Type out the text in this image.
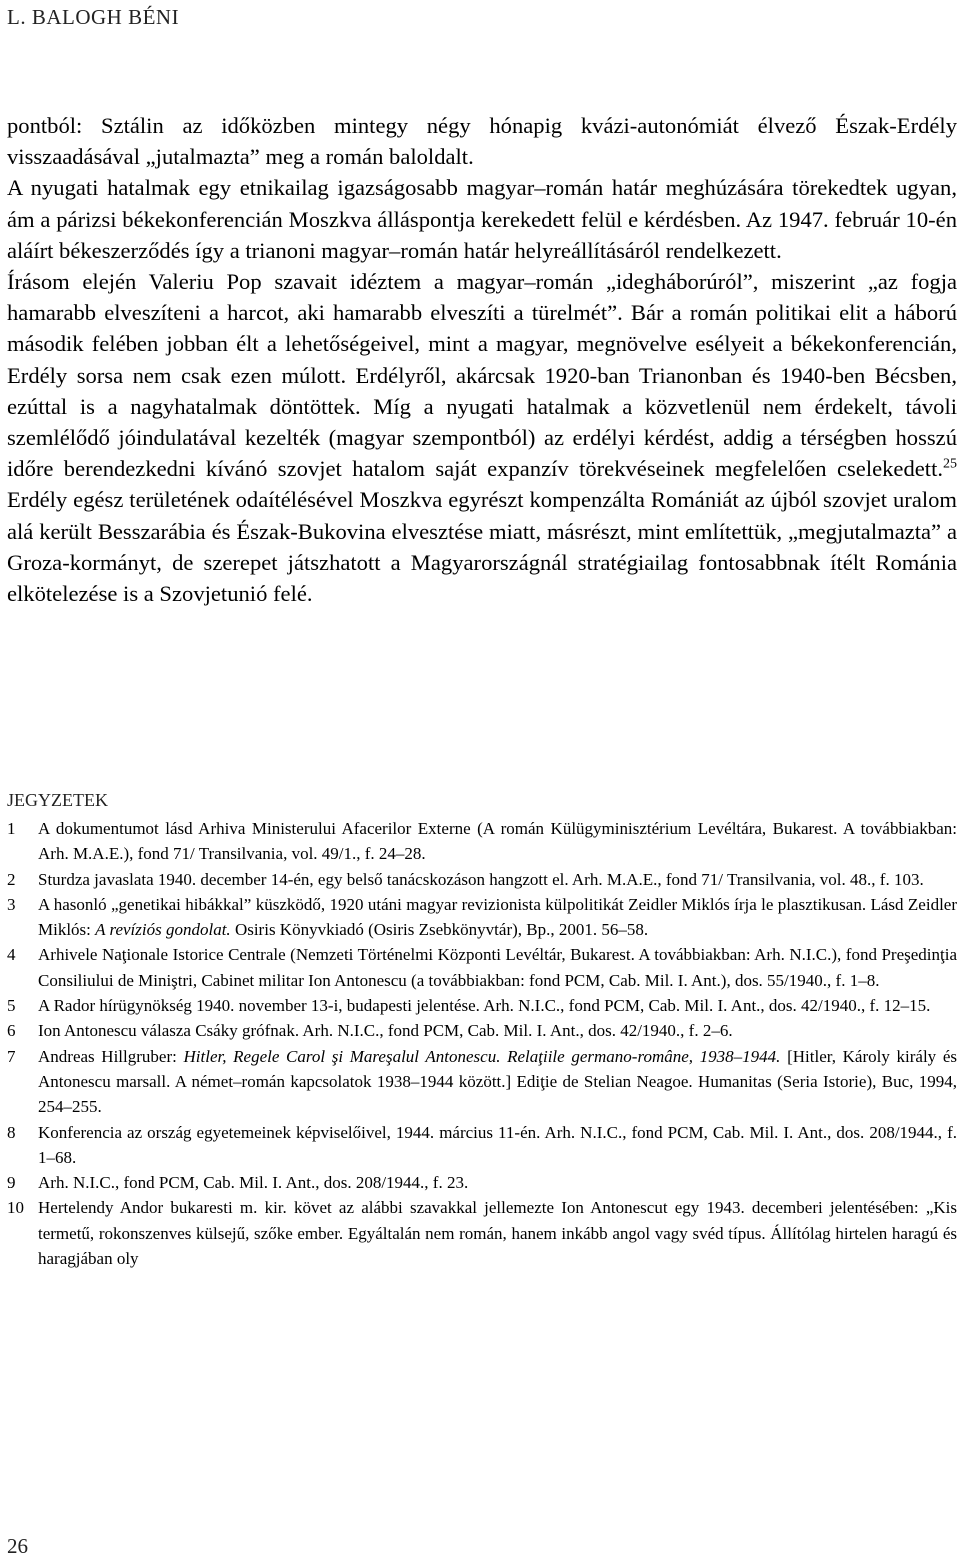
L. BALOGH BÉNI

pontból: Sztálin az időközben mintegy négy hónapig kvázi-autonómiát élvező Észak-Erdély visszaadásával „jutalmazta” meg a román baloldalt.

A nyugati hatalmak egy etnikailag igazságosabb magyar–román határ meghúzására törekedtek ugyan, ám a párizsi békekonferencián Moszkva álláspontja kerekedett felül e kérdésben. Az 1947. február 10-én aláírt békeszerződés így a trianoni magyar–román határ helyreállításáról rendelkezett.

Írásom elején Valeriu Pop szavait idéztem a magyar–román „idegháborúról”, miszerint „az fogja hamarabb elveszíteni a harcot, aki hamarabb elveszíti a türelmét”. Bár a román politikai elit a háború második felében jobban élt a lehetőségeivel, mint a magyar, megnövelve esélyeit a békekonferencián, Erdély sorsa nem csak ezen múlott. Erdélyről, akárcsak 1920-ban Trianonban és 1940-ben Bécsben, ezúttal is a nagyhatalmak döntöttek. Míg a nyugati hatalmak a közvetlenül nem érdekelt, távoli szemlélődő jóindulatával kezelték (magyar szempontból) az erdélyi kérdést, addig a térségben hosszú időre berendezkedni kívánó szovjet hatalom saját expanzív törekvéseinek megfelelően cselekedett.$^{25}$ Erdély egész területének odaítélésével Moszkva egyrészt kompenzálta Romániát az újból szovjet uralom alá került Besszarábia és Észak-Bukovina elvesztése miatt, másrészt, mint említettük, „megjutalmazta” a Groza-kormányt, de szerepet játszhatott a Magyarországnál stratégiailag fontosabbnak ítélt Románia elkötelezése is a Szovjetunió felé.

JEGYZETEK
1 A dokumentumot lásd Arhiva Ministerului Afacerilor Externe (A román Külügyminisztérium Levéltára, Bukarest. A továbbiakban: Arh. M.A.E.), fond 71/ Transilvania, vol. 49/1., f. 24–28.
2 Sturdza javaslata 1940. december 14-én, egy belső tanácskozáson hangzott el. Arh. M.A.E., fond 71/ Transilvania, vol. 48., f. 103.
3 A hasonló „genetikai hibákkal” küszködő, 1920 utáni magyar revizionista külpolitikát Zeidler Miklós írja le plasztikusan. Lásd Zeidler Miklós: A revíziós gondolat. Osiris Könyvkiadó (Osiris Zsebkönyvtár), Bp., 2001. 56–58.
4 Arhivele Naţionale Istorice Centrale (Nemzeti Történelmi Központi Levéltár, Bukarest. A továbbiakban: Arh. N.I.C.), fond Preşedinţia Consiliului de Miniştri, Cabinet militar Ion Antonescu (a továbbiakban: fond PCM, Cab. Mil. I. Ant.), dos. 55/1940., f. 1–8.
5 A Rador hírügynökség 1940. november 13-i, budapesti jelentése. Arh. N.I.C., fond PCM, Cab. Mil. I. Ant., dos. 42/1940., f. 12–15.
6 Ion Antonescu válasza Csáky grófnak. Arh. N.I.C., fond PCM, Cab. Mil. I. Ant., dos. 42/1940., f. 2–6.
7 Andreas Hillgruber: Hitler, Regele Carol şi Mareşalul Antonescu. Relaţiile germano-române, 1938–1944. [Hitler, Károly király és Antonescu marsall. A német–román kapcsolatok 1938–1944 között.] Ediţie de Stelian Neagoe. Humanitas (Seria Istorie), Buc, 1994, 254–255.
8 Konferencia az ország egyetemeinek képviselőivel, 1944. március 11-én. Arh. N.I.C., fond PCM, Cab. Mil. I. Ant., dos. 208/1944., f. 1–68.
9 Arh. N.I.C., fond PCM, Cab. Mil. I. Ant., dos. 208/1944., f. 23.
10 Hertelendy Andor bukaresti m. kir. követ az alábbi szavakkal jellemezte Ion Antonescut egy 1943. decemberi jelentésében: „Kis termetű, rokonszenves külsejű, szőke ember. Egyáltalán nem román, hanem inkább angol vagy svéd típus. Állítólag hirtelen haragú és haragjában oly
26
